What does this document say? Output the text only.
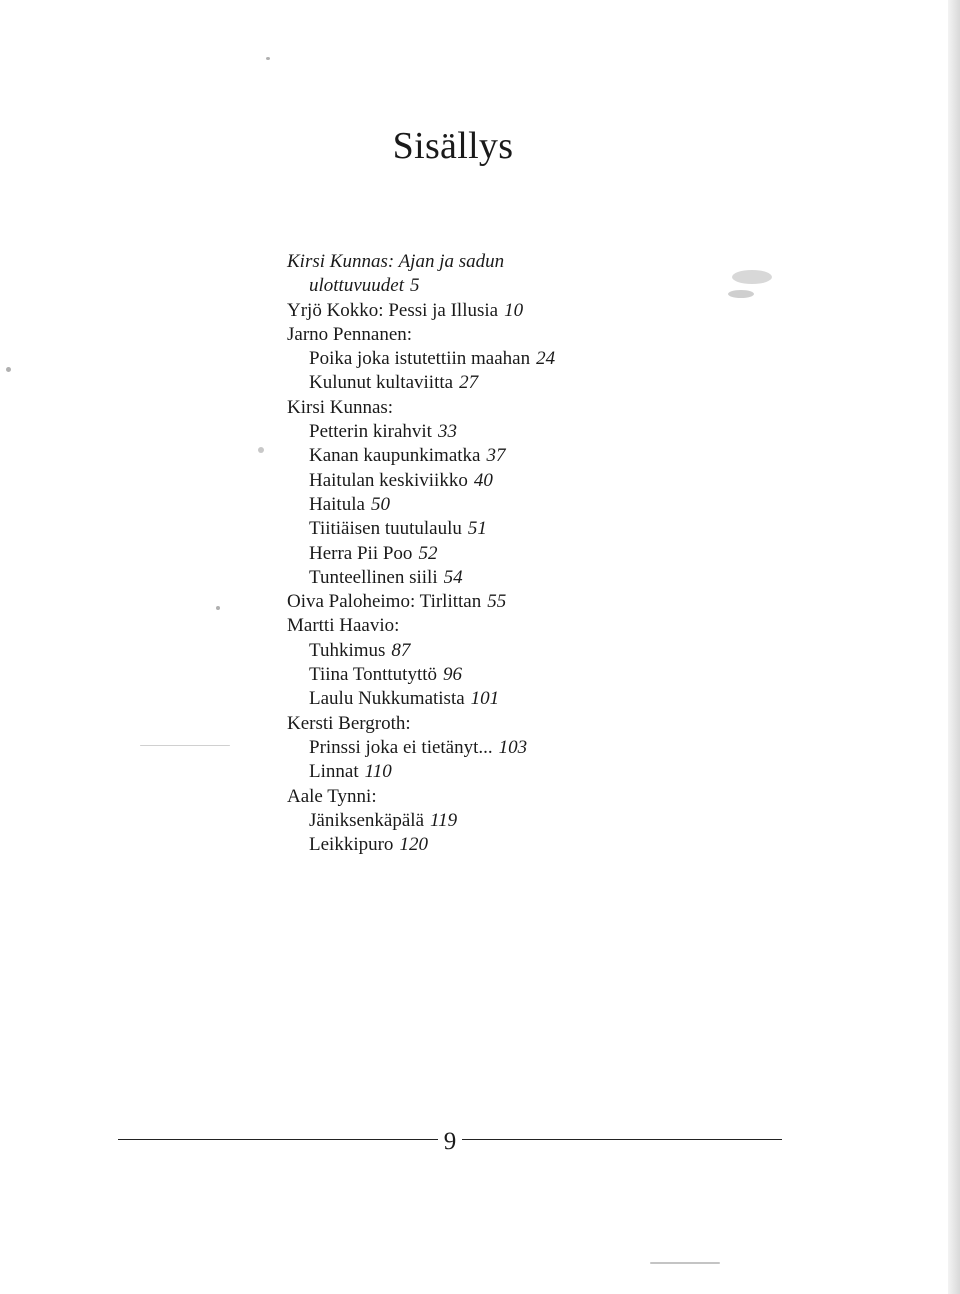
Sisällys
Kirsi Kunnas: Ajan ja sadun
ulottuvuudet 5
Yrjö Kokko: Pessi ja Illusia 10
Jarno Pennanen:
Poika joka istutettiin maahan 24
Kulunut kultaviitta 27
Kirsi Kunnas:
Petterin kirahvit 33
Kanan kaupunkimatka 37
Haitulan keskiviikko 40
Haitula 50
Tiitiäisen tuutulaulu 51
Herra Pii Poo 52
Tunteellinen siili 54
Oiva Paloheimo: Tirlittan 55
Martti Haavio:
Tuhkimus 87
Tiina Tonttutyttö 96
Laulu Nukkumatista 101
Kersti Bergroth:
Prinssi joka ei tietänyt... 103
Linnat 110
Aale Tynni:
Jäniksenkäpälä 119
Leikkipuro 120
9
